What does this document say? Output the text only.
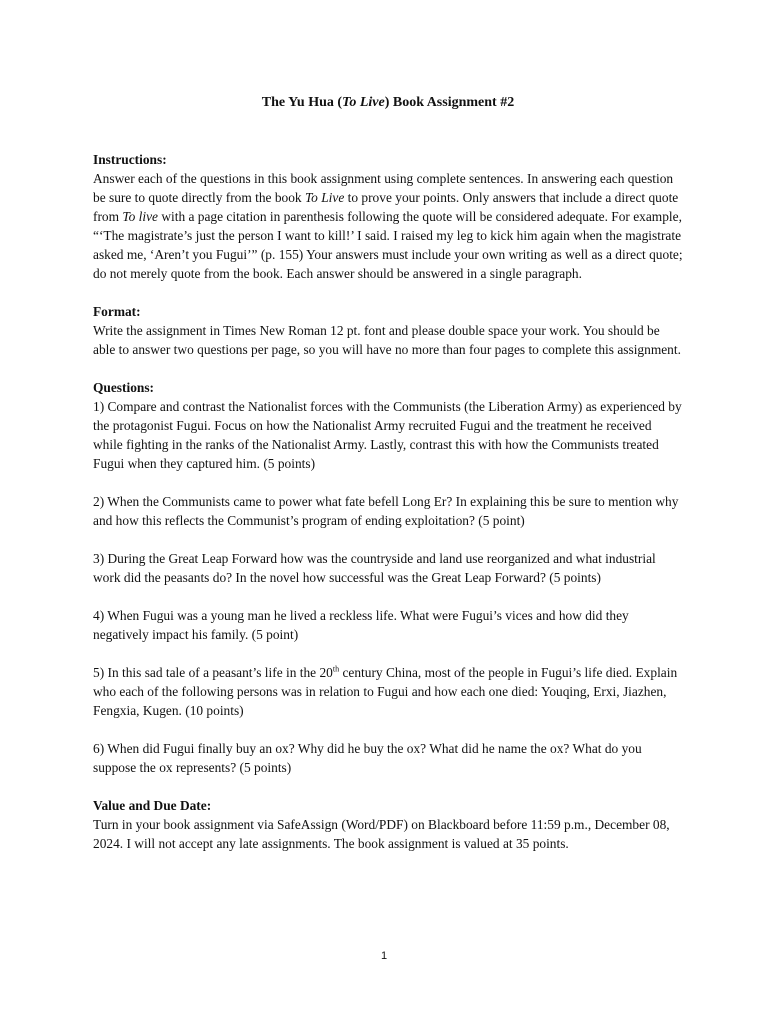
The Yu Hua (To Live) Book Assignment #2
Instructions:
Answer each of the questions in this book assignment using complete sentences. In answering each question be sure to quote directly from the book To Live to prove your points. Only answers that include a direct quote from To live with a page citation in parenthesis following the quote will be considered adequate. For example, “‘The magistrate’s just the person I want to kill!’ I said. I raised my leg to kick him again when the magistrate asked me, ‘Aren’t you Fugui’” (p. 155) Your answers must include your own writing as well as a direct quote; do not merely quote from the book. Each answer should be answered in a single paragraph.
Format:
Write the assignment in Times New Roman 12 pt. font and please double space your work. You should be able to answer two questions per page, so you will have no more than four pages to complete this assignment.
Questions:
1) Compare and contrast the Nationalist forces with the Communists (the Liberation Army) as experienced by the protagonist Fugui. Focus on how the Nationalist Army recruited Fugui and the treatment he received while fighting in the ranks of the Nationalist Army. Lastly, contrast this with how the Communists treated Fugui when they captured him. (5 points)
2) When the Communists came to power what fate befell Long Er? In explaining this be sure to mention why and how this reflects the Communist’s program of ending exploitation? (5 point)
3) During the Great Leap Forward how was the countryside and land use reorganized and what industrial work did the peasants do? In the novel how successful was the Great Leap Forward? (5 points)
4) When Fugui was a young man he lived a reckless life. What were Fugui’s vices and how did they negatively impact his family. (5 point)
5) In this sad tale of a peasant’s life in the 20th century China, most of the people in Fugui’s life died. Explain who each of the following persons was in relation to Fugui and how each one died: Youqing, Erxi, Jiazhen, Fengxia, Kugen. (10 points)
6) When did Fugui finally buy an ox? Why did he buy the ox? What did he name the ox? What do you suppose the ox represents? (5 points)
Value and Due Date:
Turn in your book assignment via SafeAssign (Word/PDF) on Blackboard before 11:59 p.m., December 08, 2024. I will not accept any late assignments. The book assignment is valued at 35 points.
1
